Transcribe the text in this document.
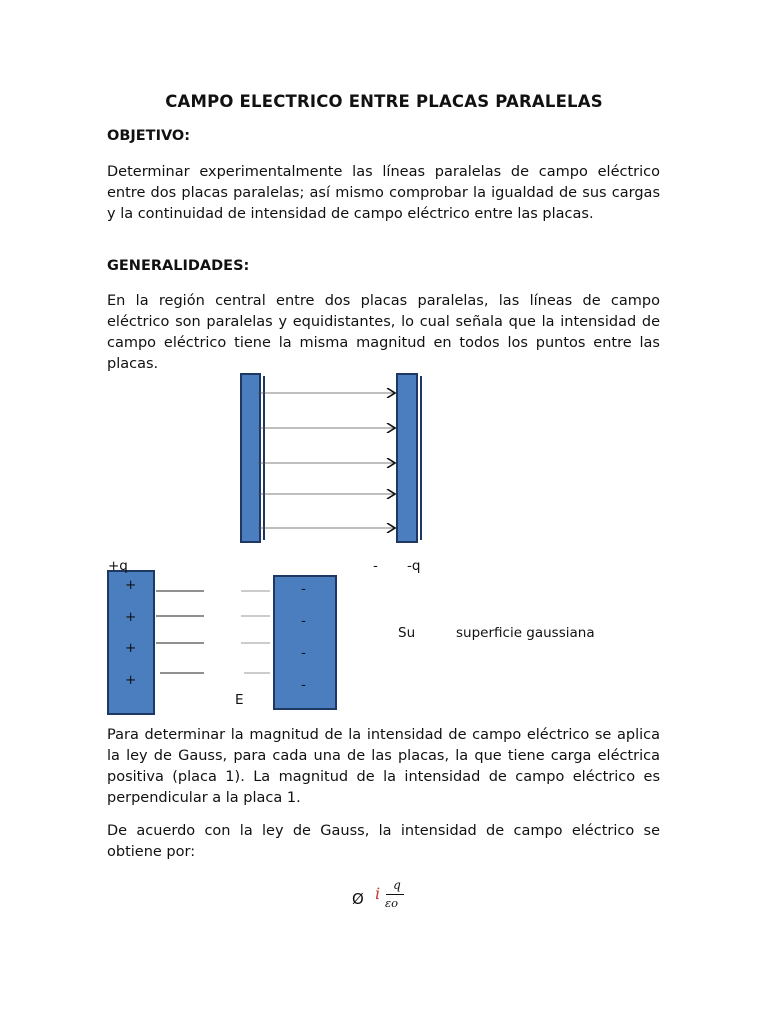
CAMPO ELECTRICO ENTRE PLACAS PARALELAS
OBJETIVO:
Determinar experimentalmente las líneas paralelas de campo eléctrico entre dos placas paralelas; así mismo comprobar la igualdad de sus cargas y la continuidad de intensidad de campo eléctrico entre las placas.
GENERALIDADES:
En la región central entre dos placas paralelas, las líneas de campo eléctrico son paralelas y equidistantes, lo cual señala que la intensidad de campo eléctrico tiene la misma magnitud en todos los puntos entre las placas.
+q	- -q
+
+
+
+
-
-
-
-
E
Su	superficie gaussiana
Para determinar la magnitud de la intensidad de campo eléctrico se aplica la ley de Gauss, para cada una de las placas, la que tiene carga eléctrica positiva (placa 1). La magnitud de la intensidad de campo eléctrico es perpendicular a la placa 1.
De acuerdo con la ley de Gauss, la intensidad de campo eléctrico se obtiene por:
Ø i q
εo
